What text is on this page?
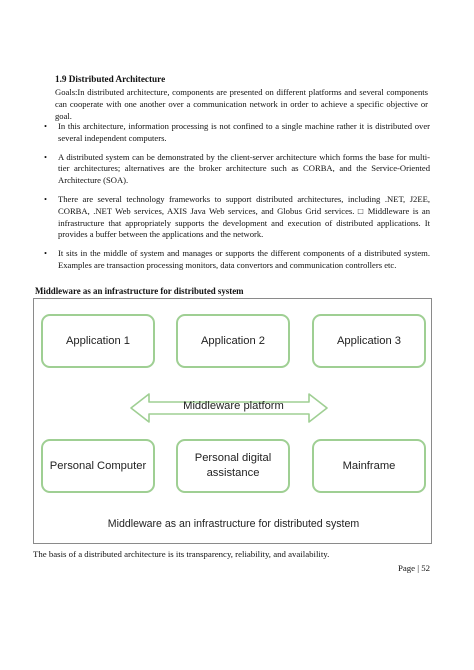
1.9 Distributed Architecture

Goals:In distributed architecture, components are presented on different platforms and several components can cooperate with one another over a communication network in order to achieve a specific objective or goal.

• In this architecture, information processing is not confined to a single machine rather it is distributed over several independent computers.
• A distributed system can be demonstrated by the client-server architecture which forms the base for multi-tier architectures; alternatives are the broker architecture such as CORBA, and the Service-Oriented Architecture (SOA).
• There are several technology frameworks to support distributed architectures, including .NET, J2EE, CORBA, .NET Web services, AXIS Java Web services, and Globus Grid services. □ Middleware is an infrastructure that appropriately supports the development and execution of distributed applications. It provides a buffer between the applications and the network.
• It sits in the middle of system and manages or supports the different components of a distributed system. Examples are transaction processing monitors, data convertors and communication controllers etc.
Middleware as an infrastructure for distributed system
Application 1	Application 2	Application 3
Middleware platform
Personal Computer
Personal digital assistance
Mainframe
Middleware as an infrastructure for distributed system
The basis of a distributed architecture is its transparency, reliability, and availability.
Page | 52
